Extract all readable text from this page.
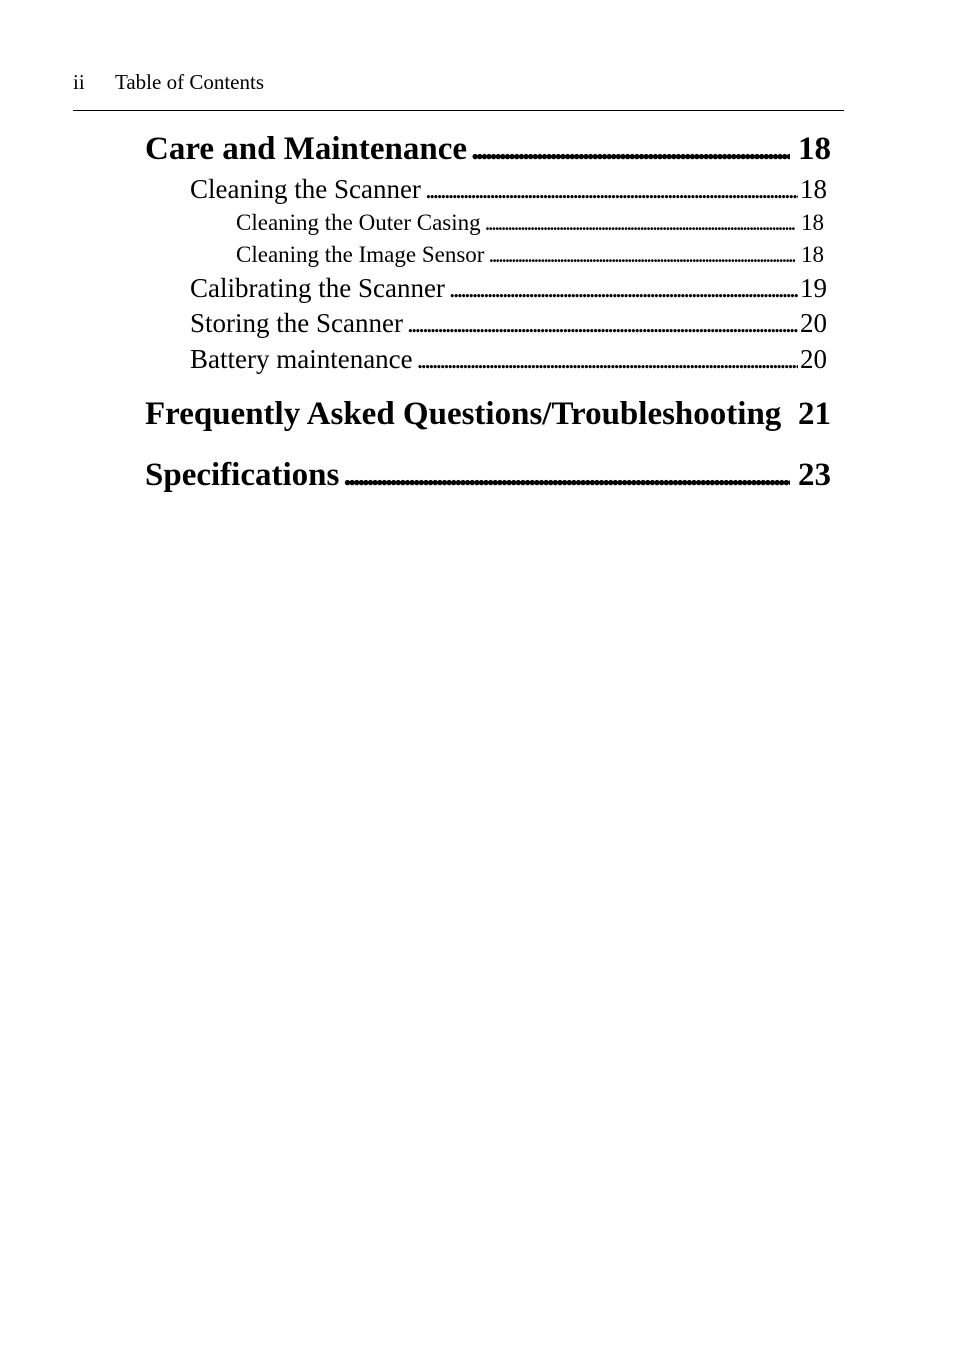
ii Table of Contents
Care and Maintenance . . .	18
Cleaning the Scanner . . .	18
Cleaning the Outer Casing . . .	18
Cleaning the Image Sensor . . .	18
Calibrating the Scanner . . .	19
Storing the Scanner . . .	20
Battery maintenance . . .	20
Frequently Asked Questions/Troubleshooting 21
Specifications . . .	23
